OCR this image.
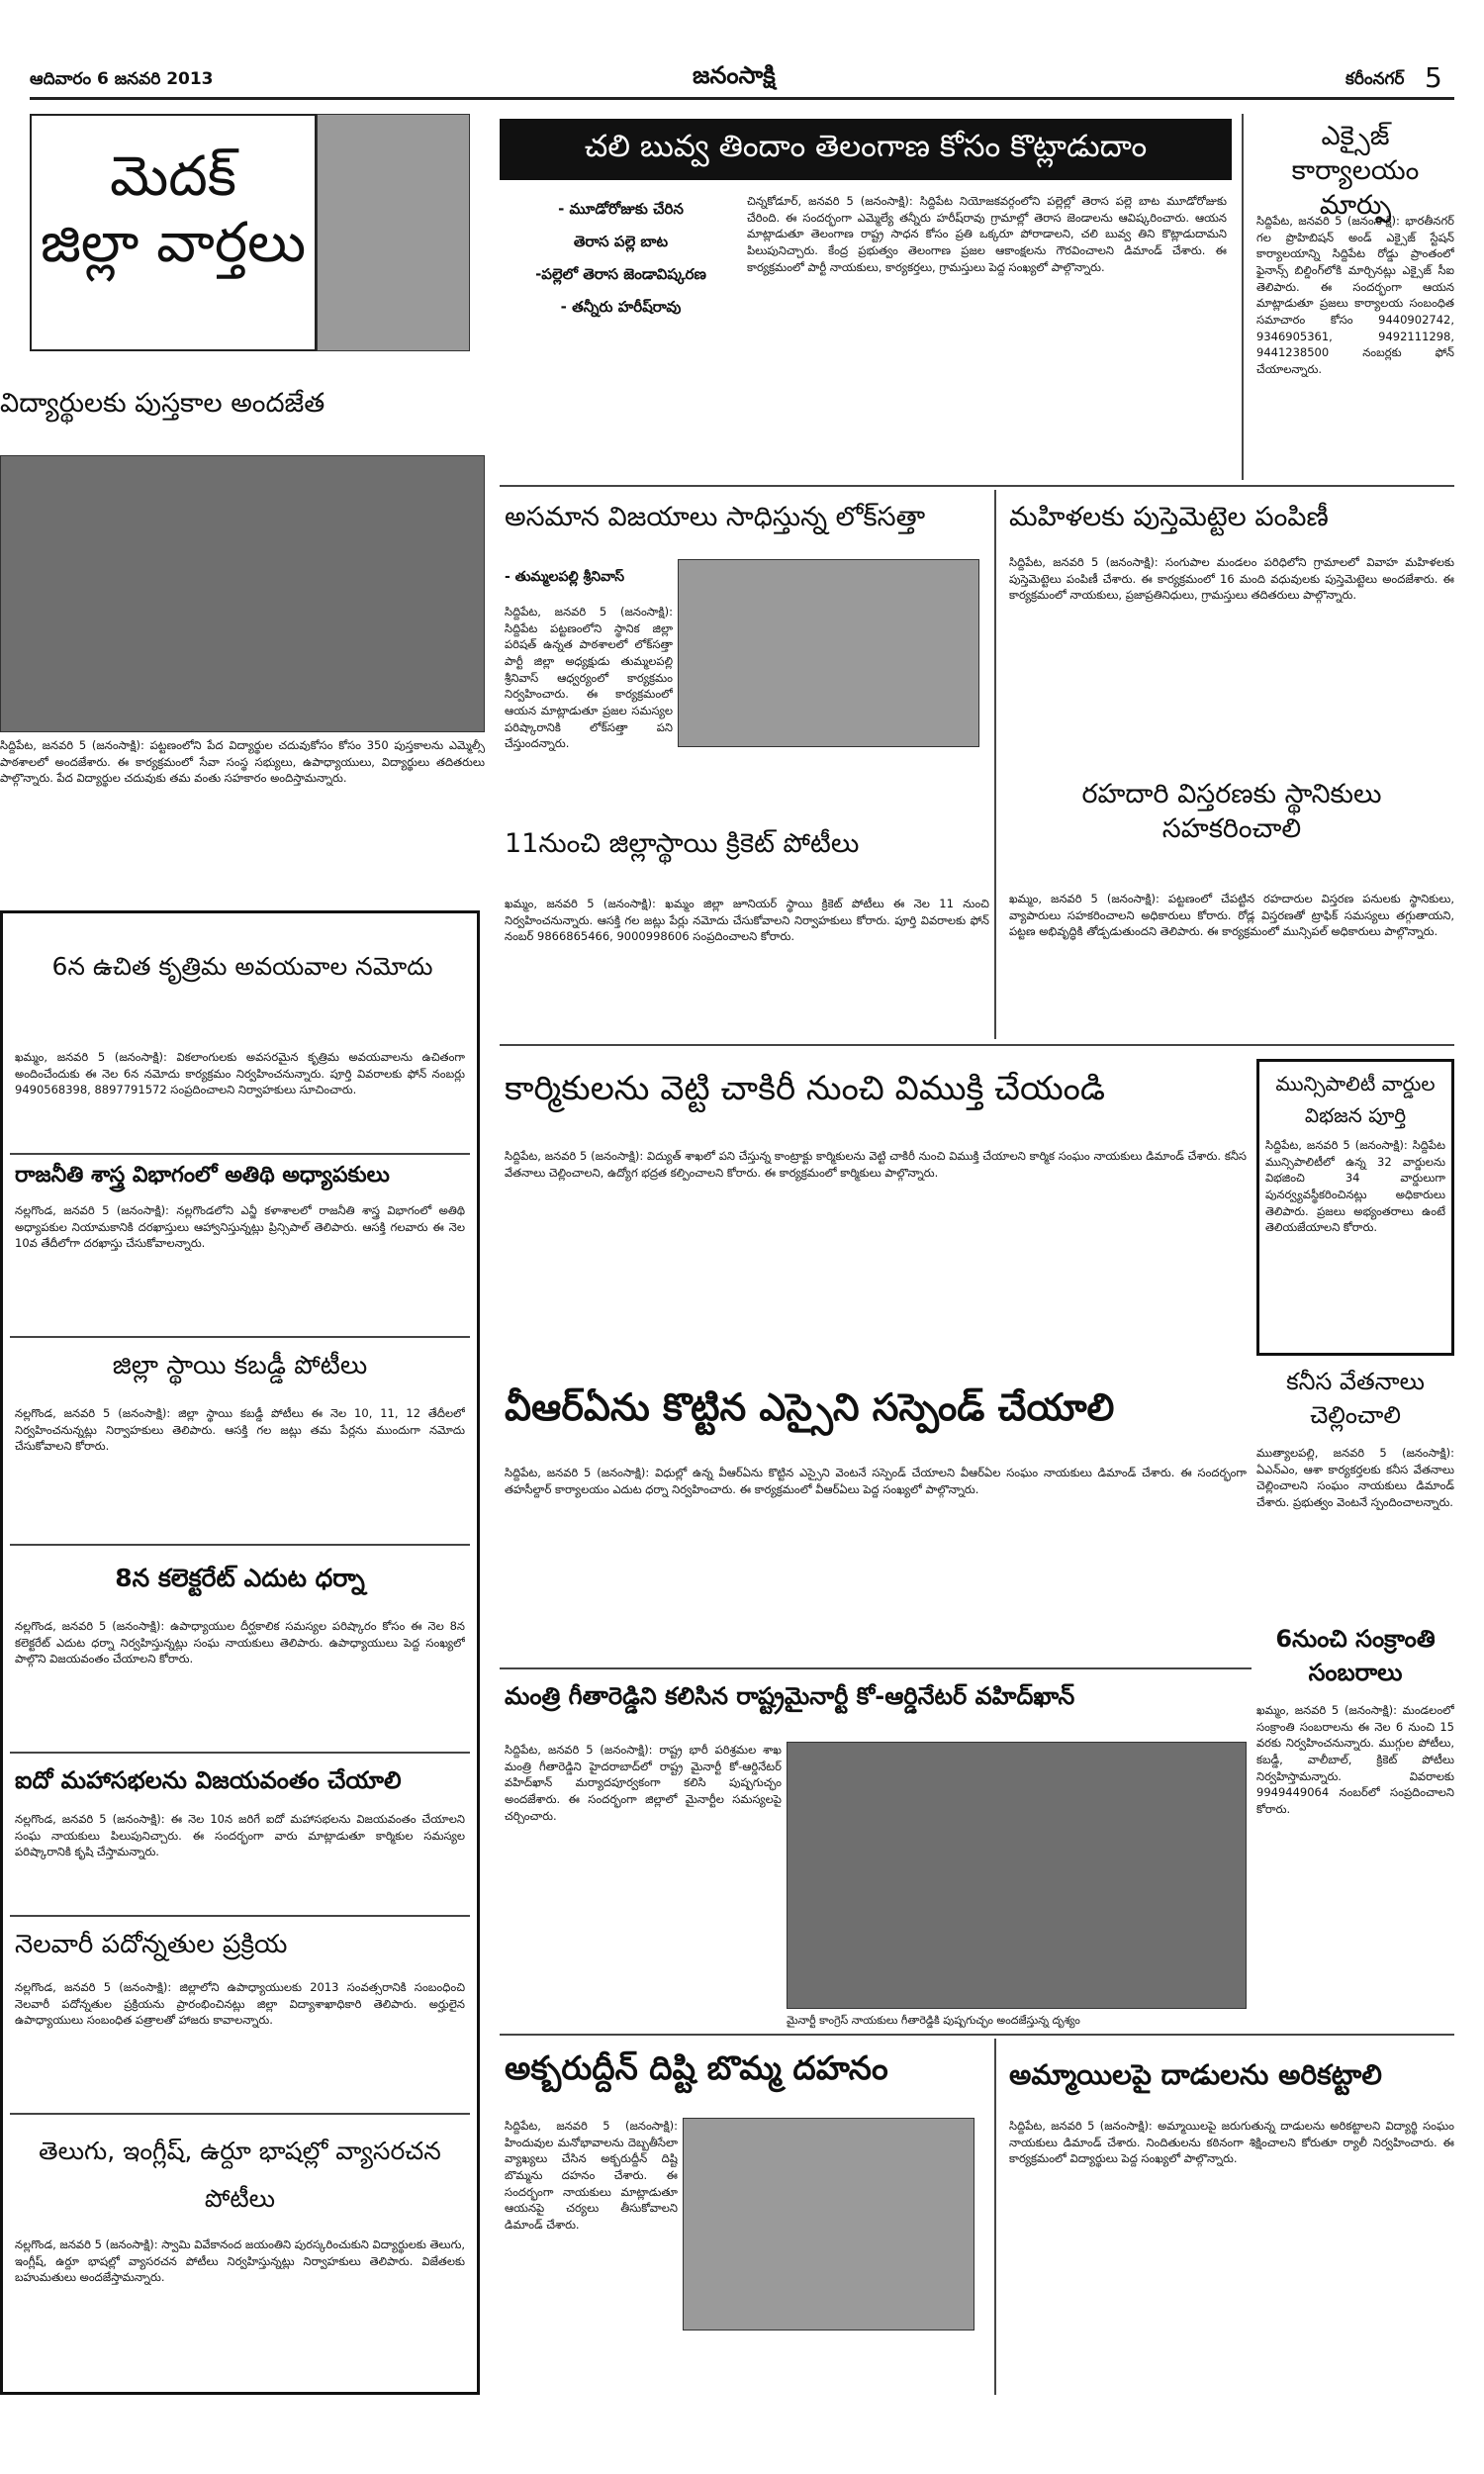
ఆదివారం 6 జనవరి 2013	జనంసాక్షి	కరీంనగర్ 5
మెదక్
జిల్లా వార్తలు
చలి బువ్వ తిందాం తెలంగాణ కోసం కొట్లాడుదాం
- మూడోరోజుకు చేరిన
తెరాస పల్లె బాట
-పల్లెలో తెరాస జెండావిష్కరణ
- తన్నీరు హరీష్‌రావు
చిన్నకోడూర్, జనవరి 5 (జనంసాక్షి): సిద్దిపేట నియోజకవర్గంలోని పల్లెల్లో తెరాస పల్లె బాట మూడోరోజుకు చేరింది. ఈ సందర్భంగా ఎమ్మెల్యే తన్నీరు హరీష్‌రావు గ్రామాల్లో తెరాస జెండాలను ఆవిష్కరించారు. ఆయన మాట్లాడుతూ తెలంగాణ రాష్ట్ర సాధన కోసం ప్రతి ఒక్కరూ పోరాడాలని, చలి బువ్వ తిని కొట్లాడుదామని పిలుపునిచ్చారు. కేంద్ర ప్రభుత్వం తెలంగాణ ప్రజల ఆకాంక్షలను గౌరవించాలని డిమాండ్ చేశారు. ఈ కార్యక్రమంలో పార్టీ నాయకులు, కార్యకర్తలు, గ్రామస్తులు పెద్ద సంఖ్యలో పాల్గొన్నారు.
ఎక్సైజ్ కార్యాలయం మార్పు
సిద్దిపేట, జనవరి 5 (జనంసాక్షి): భారతీనగర్ గల ప్రొహిబిషన్ అండ్ ఎక్సైజ్ స్టేషన్ కార్యాలయాన్ని సిద్దిపేట రోడ్డు ప్రాంతంలో ఫైనాన్స్ బిల్డింగ్‌లోకి మార్చినట్లు ఎక్సైజ్ సీఐ తెలిపారు. ఈ సందర్భంగా ఆయన మాట్లాడుతూ ప్రజలు కార్యాలయ సంబంధిత సమాచారం కోసం 9440902742, 9346905361, 9492111298, 9441238500 నంబర్లకు ఫోన్ చేయాలన్నారు.
విద్యార్థులకు పుస్తకాల అందజేత
సిద్దిపేట, జనవరి 5 (జనంసాక్షి): పట్టణంలోని పేద విద్యార్థుల చదువుకోసం కోసం 350 పుస్తకాలను ఎమ్మెల్సీ పాఠశాలలో అందజేశారు. ఈ కార్యక్రమంలో సేవా సంస్థ సభ్యులు, ఉపాధ్యాయులు, విద్యార్థులు తదితరులు పాల్గొన్నారు. పేద విద్యార్థుల చదువుకు తమ వంతు సహకారం అందిస్తామన్నారు.
అసమాన విజయాలు సాధిస్తున్న లోక్‌సత్తా
- తుమ్మలపల్లి శ్రీనివాస్
సిద్దిపేట, జనవరి 5 (జనంసాక్షి): సిద్దిపేట పట్టణంలోని స్థానిక జిల్లా పరిషత్ ఉన్నత పాఠశాలలో లోక్‌సత్తా పార్టీ జిల్లా అధ్యక్షుడు తుమ్మలపల్లి శ్రీనివాస్ ఆధ్వర్యంలో కార్యక్రమం నిర్వహించారు. ఈ కార్యక్రమంలో ఆయన మాట్లాడుతూ ప్రజల సమస్యల పరిష్కారానికి లోక్‌సత్తా పని చేస్తుందన్నారు.
మహిళలకు పుస్తెమెట్టెల పంపిణీ
సిద్దిపేట, జనవరి 5 (జనంసాక్షి): సంగుపాల మండలం పరిధిలోని గ్రామాలలో వివాహ మహిళలకు పుస్తెమెట్టెలు పంపిణీ చేశారు. ఈ కార్యక్రమంలో 16 మంది వధువులకు పుస్తెమెట్టెలు అందజేశారు. ఈ కార్యక్రమంలో నాయకులు, ప్రజాప్రతినిధులు, గ్రామస్తులు తదితరులు పాల్గొన్నారు.
11నుంచి జిల్లాస్థాయి క్రికెట్ పోటీలు
ఖమ్మం, జనవరి 5 (జనంసాక్షి): ఖమ్మం జిల్లా జూనియర్ స్థాయి క్రికెట్ పోటీలు ఈ నెల 11 నుంచి నిర్వహించనున్నారు. ఆసక్తి గల జట్లు పేర్లు నమోదు చేసుకోవాలని నిర్వాహకులు కోరారు. పూర్తి వివరాలకు ఫోన్ నంబర్ 9866865466, 9000998606 సంప్రదించాలని కోరారు.
రహదారి విస్తరణకు స్థానికులు సహకరించాలి
ఖమ్మం, జనవరి 5 (జనంసాక్షి): పట్టణంలో చేపట్టిన రహదారుల విస్తరణ పనులకు స్థానికులు, వ్యాపారులు సహకరించాలని అధికారులు కోరారు. రోడ్ల విస్తరణతో ట్రాఫిక్ సమస్యలు తగ్గుతాయని, పట్టణ అభివృద్ధికి తోడ్పడుతుందని తెలిపారు. ఈ కార్యక్రమంలో మున్సిపల్ అధికారులు పాల్గొన్నారు.
6న ఉచిత కృత్రిమ అవయవాల నమోదు
ఖమ్మం, జనవరి 5 (జనంసాక్షి): వికలాంగులకు అవసరమైన కృత్రిమ అవయవాలను ఉచితంగా అందించేందుకు ఈ నెల 6న నమోదు కార్యక్రమం నిర్వహించనున్నారు. పూర్తి వివరాలకు ఫోన్ నంబర్లు 9490568398, 8897791572 సంప్రదించాలని నిర్వాహకులు సూచించారు.
రాజనీతి శాస్త్ర విభాగంలో అతిథి అధ్యాపకులు
నల్లగొండ, జనవరి 5 (జనంసాక్షి): నల్లగొండలోని ఎన్జీ కళాశాలలో రాజనీతి శాస్త్ర విభాగంలో అతిథి అధ్యాపకుల నియామకానికి దరఖాస్తులు ఆహ్వానిస్తున్నట్లు ప్రిన్సిపాల్ తెలిపారు. ఆసక్తి గలవారు ఈ నెల 10వ తేదీలోగా దరఖాస్తు చేసుకోవాలన్నారు.
జిల్లా స్థాయి కబడ్డీ పోటీలు
నల్లగొండ, జనవరి 5 (జనంసాక్షి): జిల్లా స్థాయి కబడ్డీ పోటీలు ఈ నెల 10, 11, 12 తేదీలలో నిర్వహించనున్నట్లు నిర్వాహకులు తెలిపారు. ఆసక్తి గల జట్లు తమ పేర్లను ముందుగా నమోదు చేసుకోవాలని కోరారు.
8న కలెక్టరేట్ ఎదుట ధర్నా
నల్లగొండ, జనవరి 5 (జనంసాక్షి): ఉపాధ్యాయుల దీర్ఘకాలిక సమస్యల పరిష్కారం కోసం ఈ నెల 8న కలెక్టరేట్ ఎదుట ధర్నా నిర్వహిస్తున్నట్లు సంఘ నాయకులు తెలిపారు. ఉపాధ్యాయులు పెద్ద సంఖ్యలో పాల్గొని విజయవంతం చేయాలని కోరారు.
ఐదో మహాసభలను విజయవంతం చేయాలి
నల్లగొండ, జనవరి 5 (జనంసాక్షి): ఈ నెల 10న జరిగే ఐదో మహాసభలను విజయవంతం చేయాలని సంఘ నాయకులు పిలుపునిచ్చారు. ఈ సందర్భంగా వారు మాట్లాడుతూ కార్మికుల సమస్యల పరిష్కారానికి కృషి చేస్తామన్నారు.
నెలవారీ పదోన్నతుల ప్రక్రియ
నల్లగొండ, జనవరి 5 (జనంసాక్షి): జిల్లాలోని ఉపాధ్యాయులకు 2013 సంవత్సరానికి సంబంధించి నెలవారీ పదోన్నతుల ప్రక్రియను ప్రారంభించినట్లు జిల్లా విద్యాశాఖాధికారి తెలిపారు. అర్హులైన ఉపాధ్యాయులు సంబంధిత పత్రాలతో హాజరు కావాలన్నారు.
తెలుగు, ఇంగ్లీష్, ఉర్దూ భాషల్లో వ్యాసరచన పోటీలు
నల్లగొండ, జనవరి 5 (జనంసాక్షి): స్వామి వివేకానంద జయంతిని పురస్కరించుకుని విద్యార్థులకు తెలుగు, ఇంగ్లీష్, ఉర్దూ భాషల్లో వ్యాసరచన పోటీలు నిర్వహిస్తున్నట్లు నిర్వాహకులు తెలిపారు. విజేతలకు బహుమతులు అందజేస్తామన్నారు.
కార్మికులను వెట్టి చాకిరీ నుంచి విముక్తి చేయండి
సిద్దిపేట, జనవరి 5 (జనంసాక్షి): విద్యుత్ శాఖలో పని చేస్తున్న కాంట్రాక్టు కార్మికులను వెట్టి చాకిరీ నుంచి విముక్తి చేయాలని కార్మిక సంఘం నాయకులు డిమాండ్ చేశారు. కనీస వేతనాలు చెల్లించాలని, ఉద్యోగ భద్రత కల్పించాలని కోరారు. ఈ కార్యక్రమంలో కార్మికులు పాల్గొన్నారు.
మున్సిపాలిటీ వార్డుల విభజన పూర్తి
సిద్దిపేట, జనవరి 5 (జనంసాక్షి): సిద్దిపేట మున్సిపాలిటీలో ఉన్న 32 వార్డులను విభజించి 34 వార్డులుగా పునర్వ్యవస్థీకరించినట్లు అధికారులు తెలిపారు. ప్రజలు అభ్యంతరాలు ఉంటే తెలియజేయాలని కోరారు.
కనీస వేతనాలు చెల్లించాలి
ముత్యాలపల్లి, జనవరి 5 (జనంసాక్షి): ఏఎన్‌ఎం, ఆశా కార్యకర్తలకు కనీస వేతనాలు చెల్లించాలని సంఘం నాయకులు డిమాండ్ చేశారు. ప్రభుత్వం వెంటనే స్పందించాలన్నారు.
6నుంచి సంక్రాంతి సంబరాలు
ఖమ్మం, జనవరి 5 (జనంసాక్షి): మండలంలో సంక్రాంతి సంబరాలను ఈ నెల 6 నుంచి 15 వరకు నిర్వహించనున్నారు. ముగ్గుల పోటీలు, కబడ్డీ, వాలీబాల్, క్రికెట్ పోటీలు నిర్వహిస్తామన్నారు. వివరాలకు 9949449064 నంబర్‌లో సంప్రదించాలని కోరారు.
వీఆర్‌ఏను కొట్టిన ఎస్సైని సస్పెండ్ చేయాలి
సిద్దిపేట, జనవరి 5 (జనంసాక్షి): విధుల్లో ఉన్న వీఆర్‌ఏను కొట్టిన ఎస్సైని వెంటనే సస్పెండ్ చేయాలని వీఆర్‌ఏల సంఘం నాయకులు డిమాండ్ చేశారు. ఈ సందర్భంగా తహసీల్దార్ కార్యాలయం ఎదుట ధర్నా నిర్వహించారు. ఈ కార్యక్రమంలో వీఆర్‌ఏలు పెద్ద సంఖ్యలో పాల్గొన్నారు.
మంత్రి గీతారెడ్డిని కలిసిన రాష్ట్రమైనార్టీ కో-ఆర్డినేటర్ వహిద్‌ఖాన్
సిద్దిపేట, జనవరి 5 (జనంసాక్షి): రాష్ట్ర భారీ పరిశ్రమల శాఖ మంత్రి గీతారెడ్డిని హైదరాబాద్‌లో రాష్ట్ర మైనార్టీ కో-ఆర్డినేటర్ వహిద్‌ఖాన్ మర్యాదపూర్వకంగా కలిసి పుష్పగుచ్ఛం అందజేశారు. ఈ సందర్భంగా జిల్లాలో మైనార్టీల సమస్యలపై చర్చించారు.
మైనార్టీ కాంగ్రెస్ నాయకులు గీతారెడ్డికి పుష్పగుచ్ఛం అందజేస్తున్న దృశ్యం
అక్బరుద్దీన్ దిష్టి బొమ్మ దహనం
సిద్దిపేట, జనవరి 5 (జనంసాక్షి): హిందువుల మనోభావాలను దెబ్బతీసేలా వ్యాఖ్యలు చేసిన అక్బరుద్దీన్ దిష్టి బొమ్మను దహనం చేశారు. ఈ సందర్భంగా నాయకులు మాట్లాడుతూ ఆయనపై చర్యలు తీసుకోవాలని డిమాండ్ చేశారు.
అమ్మాయిలపై దాడులను అరికట్టాలి
సిద్దిపేట, జనవరి 5 (జనంసాక్షి): అమ్మాయిలపై జరుగుతున్న దాడులను అరికట్టాలని విద్యార్థి సంఘం నాయకులు డిమాండ్ చేశారు. నిందితులను కఠినంగా శిక్షించాలని కోరుతూ ర్యాలీ నిర్వహించారు. ఈ కార్యక్రమంలో విద్యార్థులు పెద్ద సంఖ్యలో పాల్గొన్నారు.
